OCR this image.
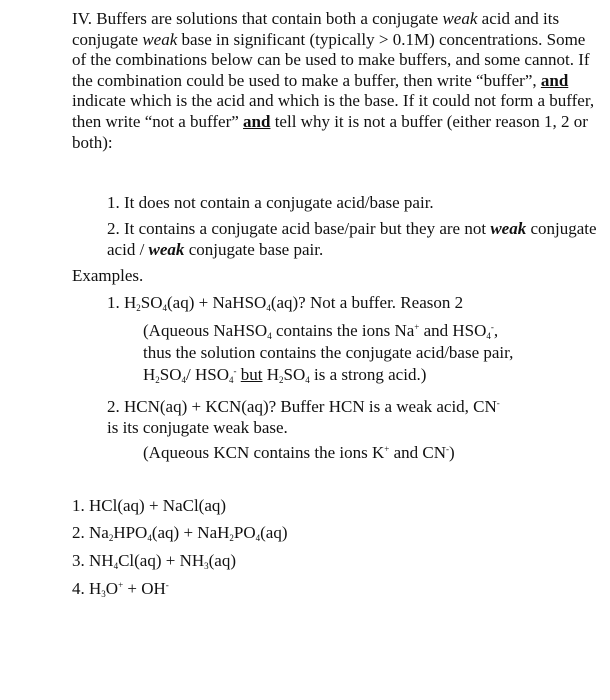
IV. Buffers are solutions that contain both a conjugate weak acid and its conjugate weak base in significant (typically > 0.1M) concentrations. Some of the combinations below can be used to make buffers, and some cannot. If the combination could be used to make a buffer, then write “buffer”, and indicate which is the acid and which is the base. If it could not form a buffer, then write “not a buffer” and tell why it is not a buffer (either reason 1, 2 or both):
1. It does not contain a conjugate acid/base pair.
2. It contains a conjugate acid base/pair but they are not weak conjugate acid / weak conjugate base pair.
Examples.
1. $H_2SO_4(aq)$ + NaHSO$_4$(aq)? Not a buffer. Reason 2
(Aqueous NaHSO$_4$ contains the ions Na+ and $HSO_4^-$,
thus the solution contains the conjugate acid/base pair,
$H_2SO_4/$ $HSO_4^-$ but $H_2SO_4$ is a strong acid.)
2. HCN(aq) + KCN(aq)? Buffer HCN is a weak acid, CN-
is its conjugate weak base.
(Aqueous KCN contains the ions K+ and CN-)
1. HCl(aq) + NaCl(aq)
2. $Na_2HPO_4(aq) + NaH_2PO_4(aq)$
3. $NH_4Cl(aq) + NH_3(aq)$
4. $H_3O^+ + OH^-$
